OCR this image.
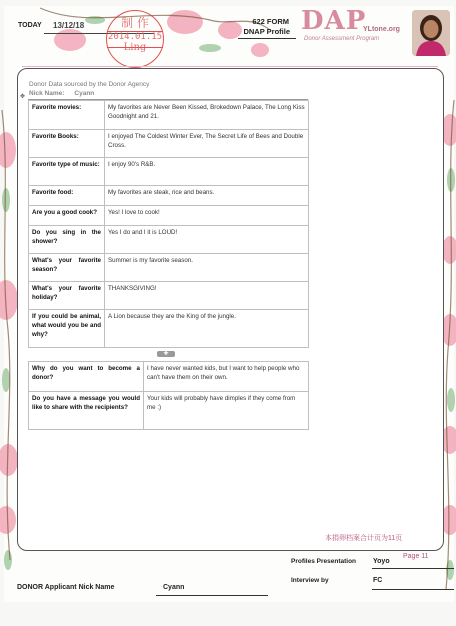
TODAY 13/12/18	制 作
2014.01.15
Ling
622 FORM
DNAP Profile DAP
YLtone.org
Donor Assessment Program
Donor Data sourced by the Donor Agency
✥ Nick Name: Cyann
Favorite movies:	My favorites are Never Been Kissed, Brokedown Palace, The Long Kiss Goodnight and 21.
Favorite Books:	I enjoyed The Coldest Winter Ever, The Secret Life of Bees and Double Cross.
Favorite type of music:	I enjoy 90's R&B.
Favorite food:	My favorites are steak, rice and beans.
Are you a good cook?	Yes! I love to cook!
Do you sing in the shower?	Yes I do and I it is LOUD!
What's your favorite season?	Summer is my favorite season.
What's your favorite holiday?	THANKSGIVING!
If you could be animal, what would you be and why?	A Lion because they are the King of the jungle.
✚
Why do you want to become a donor?	I have never wanted kids, but I want to help people who can't have them on their own.
Do you have a message you would like to share with the recipients?	Your kids will probably have dimples if they come from me :)
本捐卵档案合计页为11页
Profiles Presentation Yoyo
Page 11
Interview by	FC
DONOR Applicant Nick Name	Cyann
